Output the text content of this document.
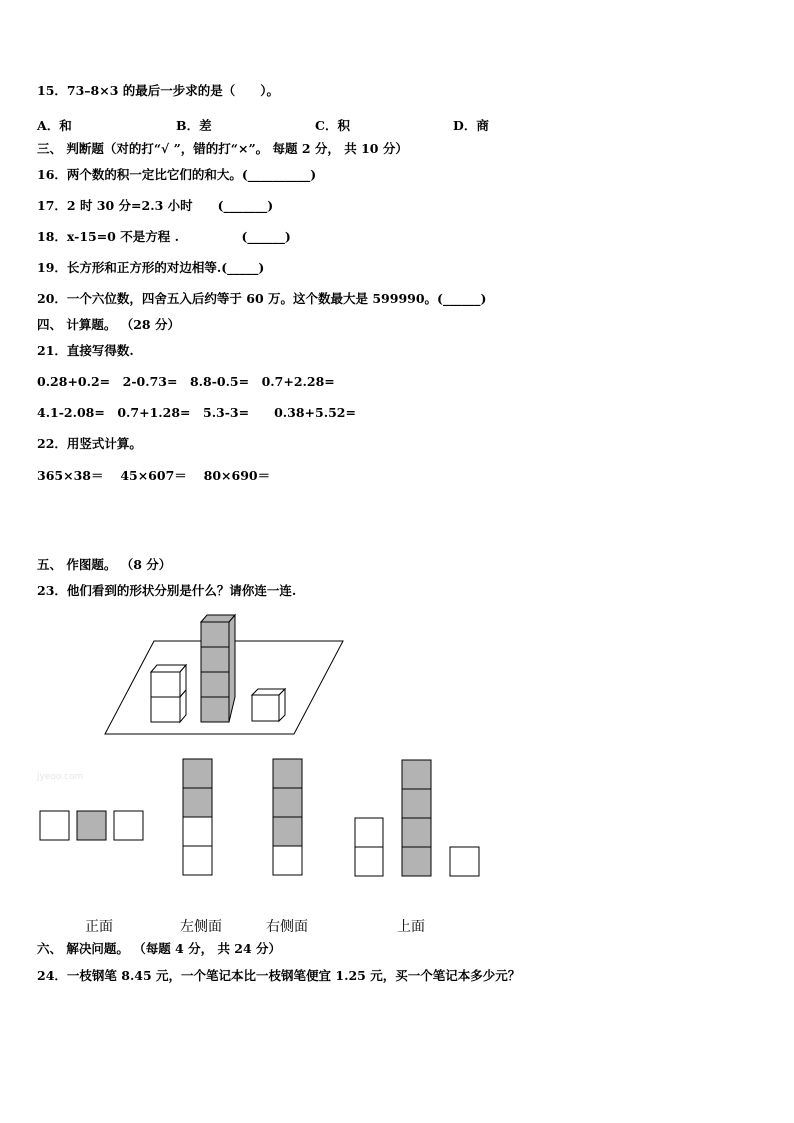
15．73–8×3 的最后一步求的是（　　）。
A．和	B．差	C．积	D．商
三、 判断题（对的打“√ ”，错的打“×”。 每题 2 分， 共 10 分）
16．两个数的积一定比它们的和大。(__________)
17．2 时 30 分=2.3 小时　　(_______)
18．x-15=0 不是方程 .　　　　　(______)
19．长方形和正方形的对边相等.(_____)
20．一个六位数，四舍五入后约等于 60 万。这个数最大是 599990。(______)
四、 计算题。 （28 分）
21．直接写得数.
0.28+0.2=　2-0.73=　8.8-0.5=　0.7+2.28=
4.1-2.08=　0.7+1.28=　5.3-3=　　0.38+5.52=
22．用竖式计算。
365×38＝　 45×607＝　 80×690＝
五、 作图题。 （8 分）
23．他们看到的形状分别是什么？请你连一连.
jyeoo.com
正面	左侧面	右侧面	上面
六、 解决问题。 （每题 4 分， 共 24 分）
24．一枝钢笔 8.45 元，一个笔记本比一枝钢笔便宜 1.25 元，买一个笔记本多少元？
